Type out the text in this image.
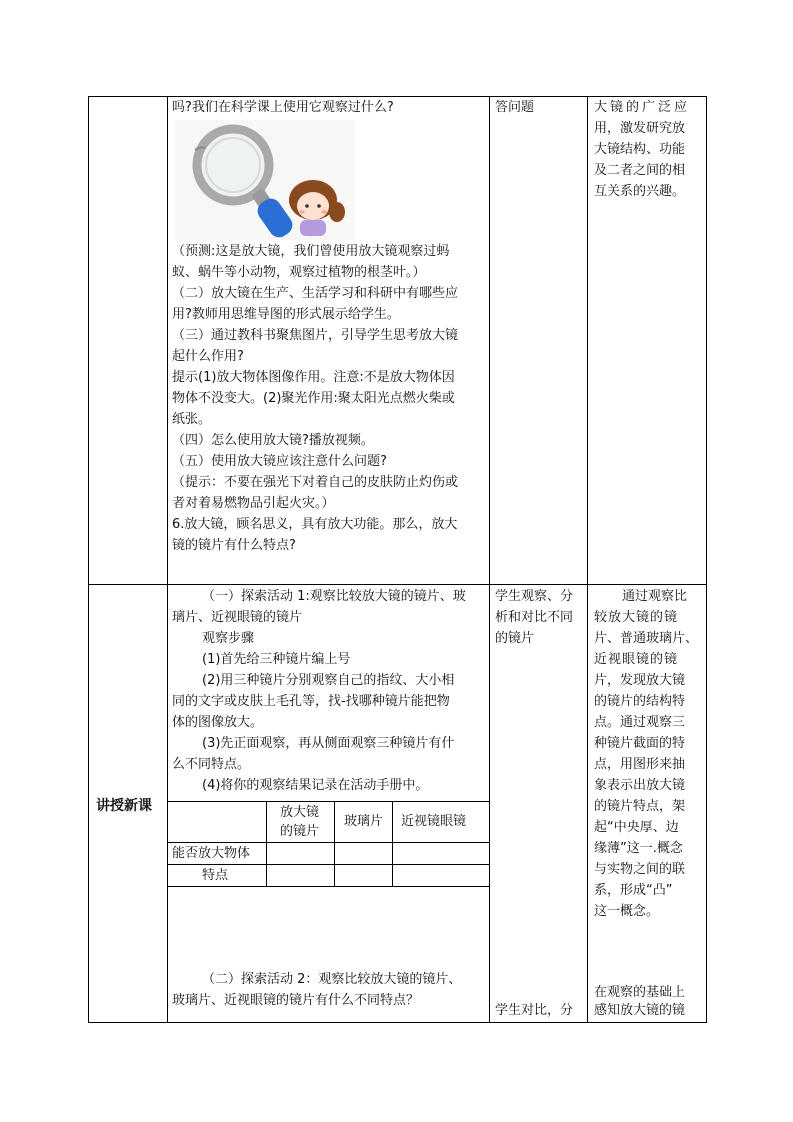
吗?我们在科学课上使用它观察过什么?
（预测:这是放大镜，我们曾使用放大镜观察过蚂
蚁、蜗牛等小动物，观察过植物的根茎叶。）
（二）放大镜在生产、生活学习和科研中有哪些应
用?教师用思维导图的形式展示给学生。
（三）通过教科书聚焦图片，引导学生思考放大镜
起什么作用?
提示(1)放大物体图像作用。注意:不是放大物体因
物体不没变大。(2)聚光作用:聚太阳光点燃火柴或
纸张。
（四）怎么使用放大镜?播放视频。
（五）使用放大镜应该注意什么问题?
（提示：不要在强光下对着自己的皮肤防止灼伤或
者对着易燃物品引起火灾。）
6.放大镜，顾名思义，具有放大功能。那么，放大
镜的镜片有什么特点?
答问题	大镜的广泛应
用，激发研究放
大镜结构、功能
及二者之间的相
互关系的兴趣。
讲授新课
（一）探索活动 1:观察比较放大镜的镜片、玻
璃片、近视眼镜的镜片
观察步骤
(1)首先给三种镜片编上号
(2)用三种镜片分别观察自己的指纹、大小相
同的文字或皮肤上毛孔等，找-找哪种镜片能把物
体的图像放大。
(3)先正面观察，再从侧面观察三种镜片有什
么不同特点。
(4)将你的观察结果记录在活动手册中。
放大镜
的镜片
玻璃片 近视镜眼镜
能否放大物体
特点
（二）探索活动 2：观察比较放大镜的镜片、
玻璃片、近视眼镜的镜片有什么不同特点？
学生观察、分
析和对比不同
的镜片
学生对比，分
通过观察比
较放大镜的镜
片、普通玻璃片、
近视眼镜的镜
片，发现放大镜
的镜片的结构特
点。通过观察三
种镜片截面的特
点，用图形来抽
象表示出放大镜
的镜片特点，架
起“中央厚、边
缘薄”这一.概念
与实物之间的联
系，形成“凸”
这一概念。
在观察的基础上
感知放大镜的镜
